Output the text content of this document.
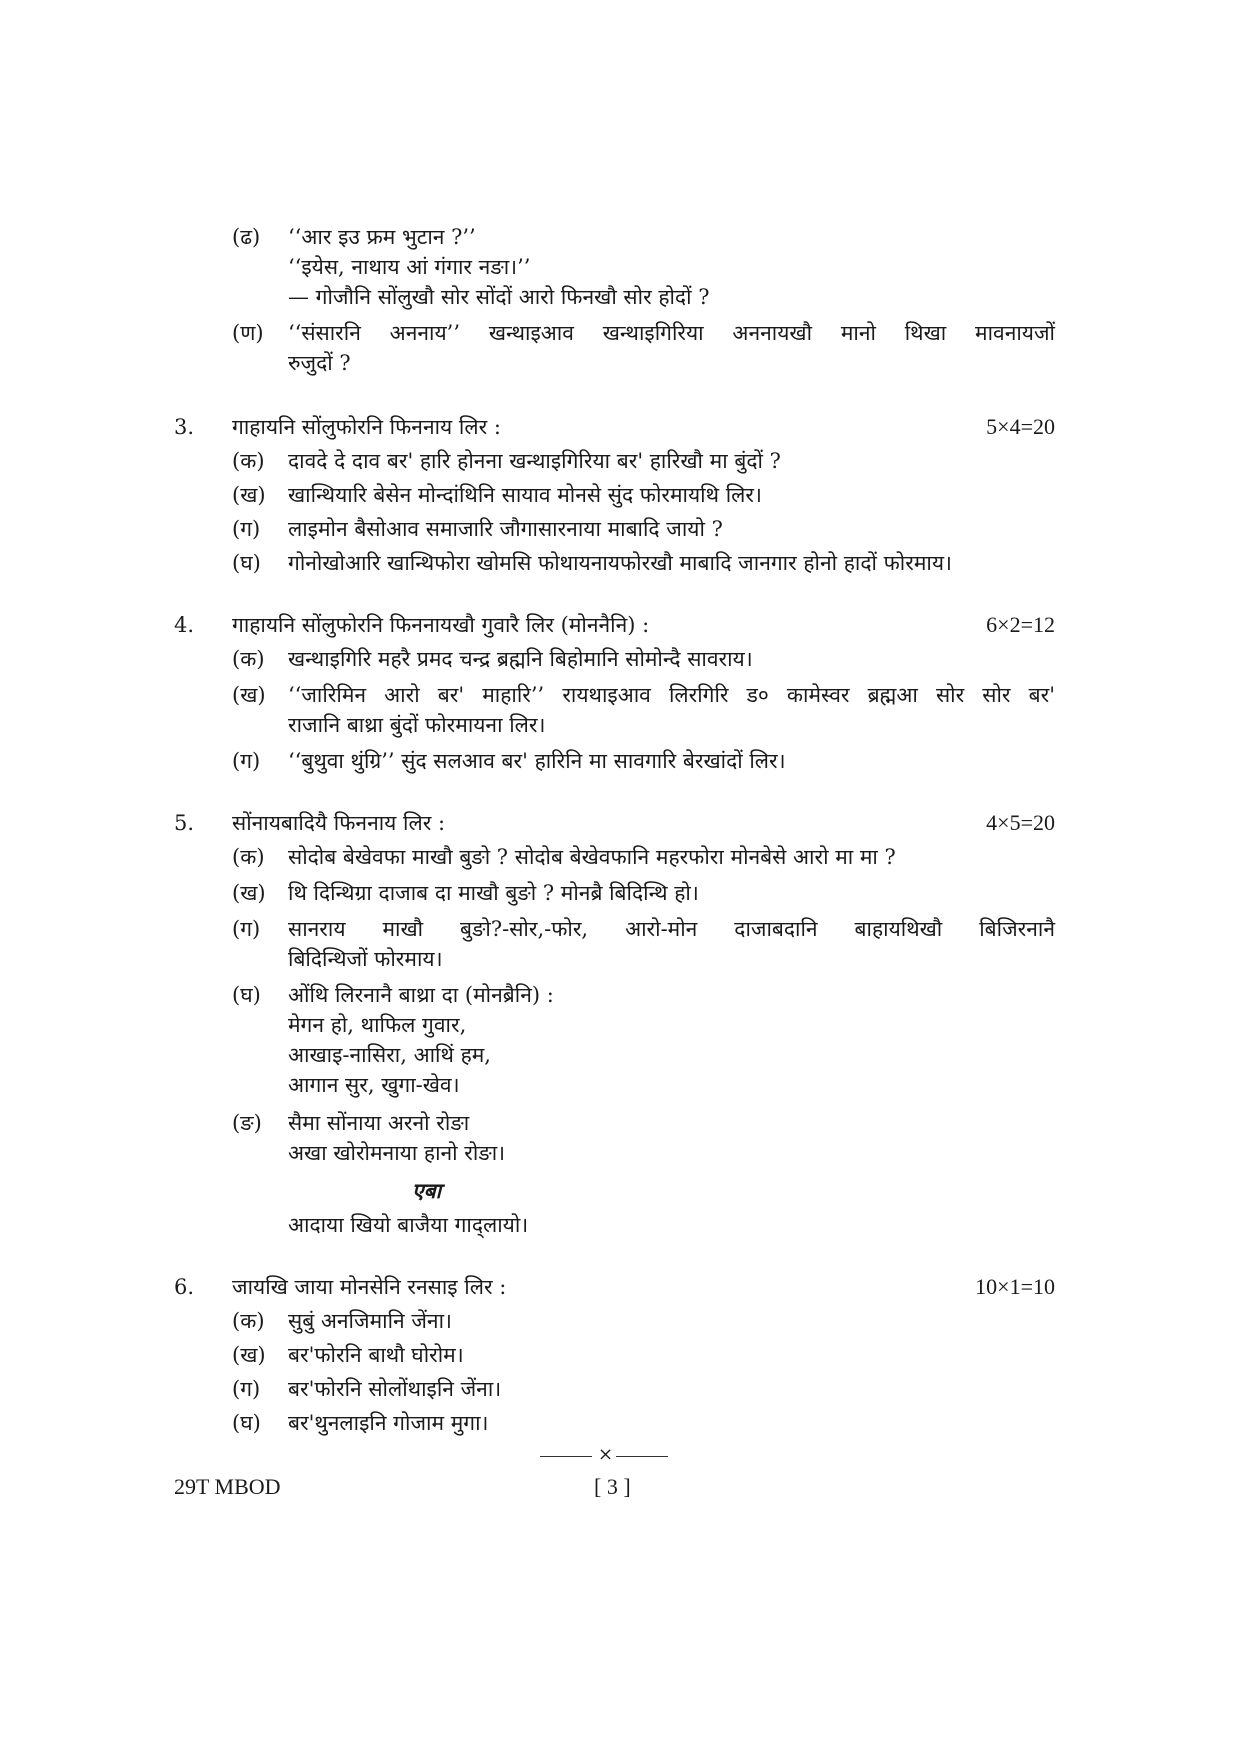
(ढ) ‘‘आर इउ फ्रम भुटान ?’’
‘‘इयेस, नाथाय आं गंगार नङा।’’
— गोजौनि सोंलुखौ सोर सोंदों आरो फिनखौ सोर होदों ?
(ण) ‘‘संसारनि अननाय’’ खन्थाइआव खन्थाइगिरिया अननायखौ मानो थिखा मावनायजों
रुजुदों ?
3. गाहायनि सोंलुफोरनि फिननाय लिर :	5×4=20
(क) दावदे दे दाव बर' हारि होनना खन्थाइगिरिया बर' हारिखौ मा बुंदों ?
(ख) खान्थियारि बेसेन मोन्दांथिनि सायाव मोनसे सुंद फोरमायथि लिर।
(ग) लाइमोन बैसोआव समाजारि जौगासारनाया माबादि जायो ?
(घ) गोनोखोआरि खान्थिफोरा खोमसि फोथायनायफोरखौ माबादि जानगार होनो हादों फोरमाय।
4. गाहायनि सोंलुफोरनि फिननायखौ गुवारै लिर (मोननैनि) :	6×2=12
(क) खन्थाइगिरि महरै प्रमद चन्द्र ब्रह्मनि बिहोमानि सोमोन्दै सावराय।
(ख) ‘‘जारिमिन आरो बर' माहारि’’ रायथाइआव लिरगिरि ड० कामेस्वर ब्रह्मआ सोर सोर बर'
राजानि बाथ्रा बुंदों फोरमायना लिर।
(ग) ‘‘बुथुवा थुंग्रि’’ सुंद सलआव बर' हारिनि मा सावगारि बेरखांदों लिर।
5. सोंनायबादियै फिननाय लिर :	4×5=20
(क) सोदोब बेखेवफा माखौ बुङो ? सोदोब बेखेवफानि महरफोरा मोनबेसे आरो मा मा ?
(ख) थि दिन्थिग्रा दाजाब दा माखौ बुङो ? मोनब्रै बिदिन्थि हो।
(ग) सानराय माखौ बुङो?-सोर,-फोर, आरो-मोन दाजाबदानि बाहायथिखौ बिजिरनानै
बिदिन्थिजों फोरमाय।
(घ) ओंथि लिरनानै बाथ्रा दा (मोनब्रैनि) :
मेगन हो, थाफिल गुवार,
आखाइ-नासिरा, आथिं हम,
आगान सुर, खुगा-खेव।
(ङ) सैमा सोंनाया अरनो रोङा
अखा खोरोमनाया हानो रोङा।
एबा
आदाया खियो बाजैया गाद्लायो।
6. जायखि जाया मोनसेनि रनसाइ लिर :	10×1=10
(क) सुबुं अनजिमानि जेंना।
(ख) बर'फोरनि बाथौ घोरोम।
(ग) बर'फोरनि सोलोंथाइनि जेंना।
(घ) बर'थुनलाइनि गोजाम मुगा।
×
29T MBOD	[ 3 ]
